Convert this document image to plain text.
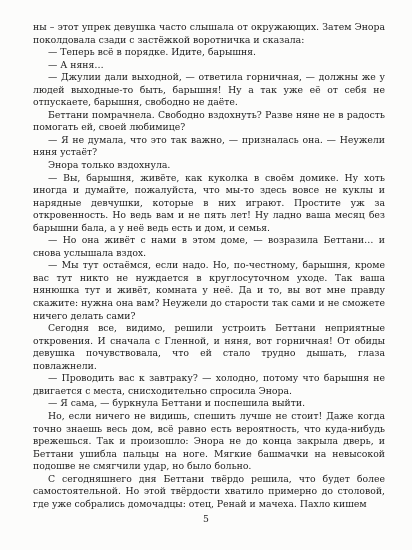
ны – этот упрек девушка часто слышала от окружающих. Затем Энора поколдовала сзади с застёжкой воротничка и сказала:

— Теперь всё в порядке. Идите, барышня.

— А няня…

— Джулии дали выходной, — ответила горничная, — должны же у людей выходные-то быть, барышня! Ну а так уже её от себя не отпускаете, барышня, свободно не даёте.

Беттани помрачнела. Свободно вздохнуть? Разве няне не в радость помогать ей, своей любимице?

— Я не думала, что это так важно, — призналась она. — Неужели няня устаёт?

Энора только вздохнула.

— Вы, барышня, живёте, как куколка в своём домике. Ну хоть иногда и думайте, пожалуйста, что мы-то здесь вовсе не куклы и нарядные девчушки, которые в них играют. Простите уж за откровенность. Но ведь вам и не пять лет! Ну ладно ваша месяц без барышни бала, а у неё ведь есть и дом, и семья.

— Но она живёт с нами в этом доме, — возразила Беттани… и снова услышала вздох.

— Мы тут остаёмся, если надо. Но, по-честному, барышня, кроме вас тут никто не нуждается в круглосуточном уходе. Так ваша нянюшка тут и живёт, комната у неё. Да и то, вы вот мне правду скажите: нужна она вам? Неужели до старости так сами и не сможете ничего делать сами?

Сегодня все, видимо, решили устроить Беттани неприятные откровения. И сначала с Гленной, и няня, вот горничная! От обиды девушка почувствовала, что ей стало трудно дышать, глаза повлажнели.

— Проводить вас к завтраку? — холодно, потому что барышня не двигается с места, снисходительно спросила Энора.

— Я сама, — буркнула Беттани и поспешила выйти.

Но, если ничего не видишь, спешить лучше не стоит! Даже когда точно знаешь весь дом, всё равно есть вероятность, что куда-нибудь врежешься. Так и произошло: Энора не до конца закрыла дверь, и Беттани ушибла пальцы на ноге. Мягкие башмачки на невысокой подошве не смягчили удар, но было больно.

С сегодняшнего дня Беттани твёрдо решила, что будет более самостоятельной. Но этой твёрдости хватило примерно до столовой, где уже собрались домочадцы: отец, Ренай и мачеха. Пахло кишем

5
